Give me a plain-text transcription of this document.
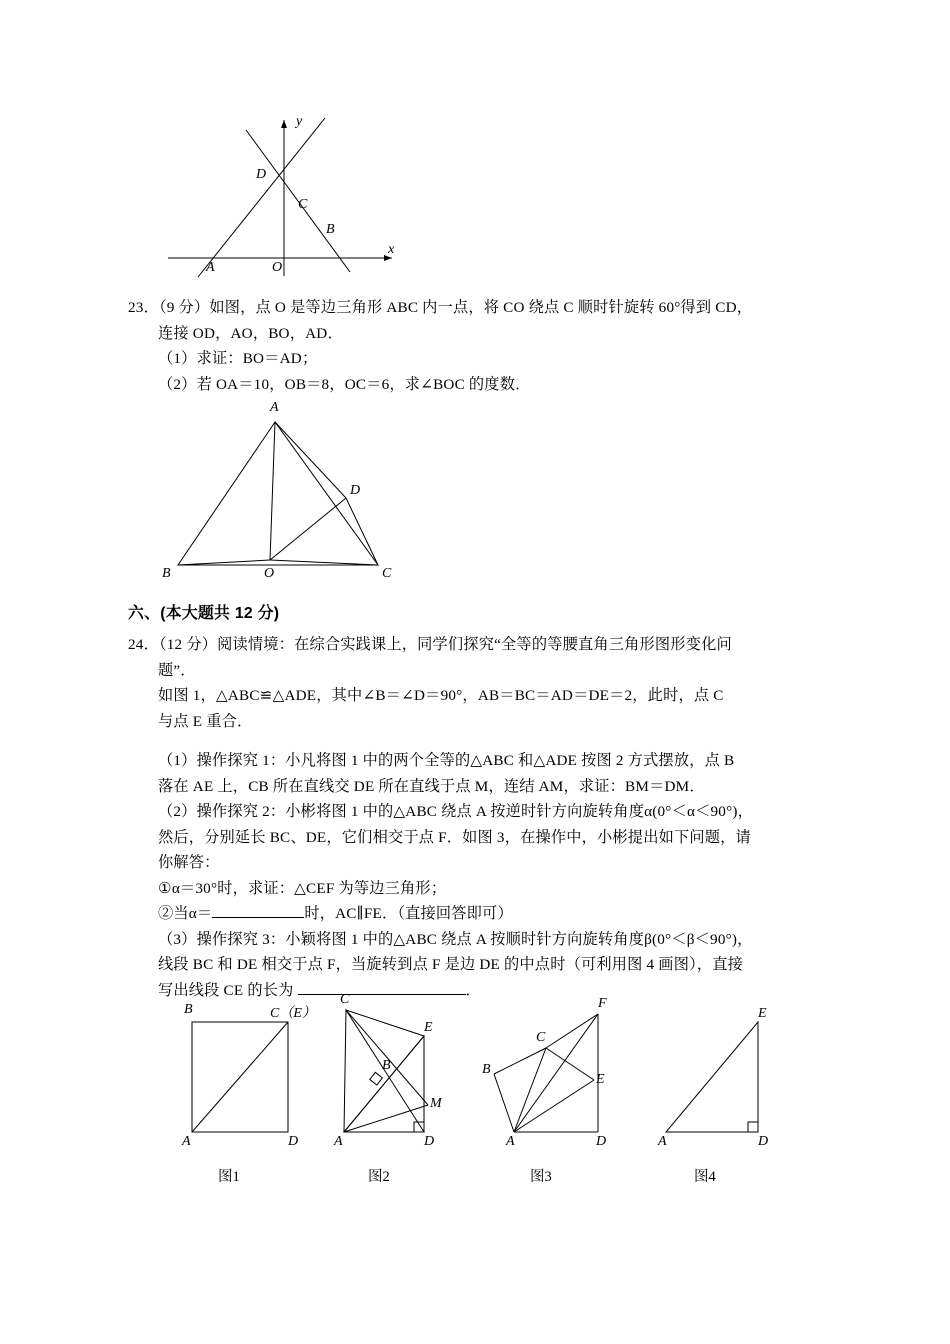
y
x
D
C
B
A	O
23．（9 分）如图，点 O 是等边三角形 ABC 内一点，将 CO 绕点 C 顺时针旋转 60°得到 CD，
连接 OD，AO，BO，AD．
（1）求证：BO＝AD；
（2）若 OA＝10，OB＝8，OC＝6，求∠BOC 的度数．
A
D
B	O	C
六、(本大题共 12 分)
24．（12 分）阅读情境：在综合实践课上，同学们探究“全等的等腰直角三角形图形变化问
题”．
如图 1，△ABC≌△ADE，其中∠B＝∠D＝90°，AB＝BC＝AD＝DE＝2，此时，点 C
与点 E 重合．
（1）操作探究 1：小凡将图 1 中的两个全等的△ABC 和△ADE 按图 2 方式摆放，点 B
落在 AE 上，CB 所在直线交 DE 所在直线于点 M，连结 AM，求证：BM＝DM．
（2）操作探究 2：小彬将图 1 中的△ABC 绕点 A 按逆时针方向旋转角度α(0°＜α＜90°)，
然后，分别延长 BC、DE，它们相交于点 F．如图 3，在操作中，小彬提出如下问题，请
你解答：
①α＝30°时，求证：△CEF 为等边三角形；
②当α＝	时，AC∥FE．（直接回答即可）
（3）操作探究 3：小颖将图 1 中的△ABC 绕点 A 按顺时针方向旋转角度β(0°＜β＜90°)，
线段 BC 和 DE 相交于点 F，当旋转到点 F 是边 DE 的中点时（可利用图 4 画图），直接
写出线段 CE 的长为	．
B	C（E）
A	D
图1
C
E
B
M
A	D
图2
F
C
E
B
A	D
图3
E
A	D
图4
